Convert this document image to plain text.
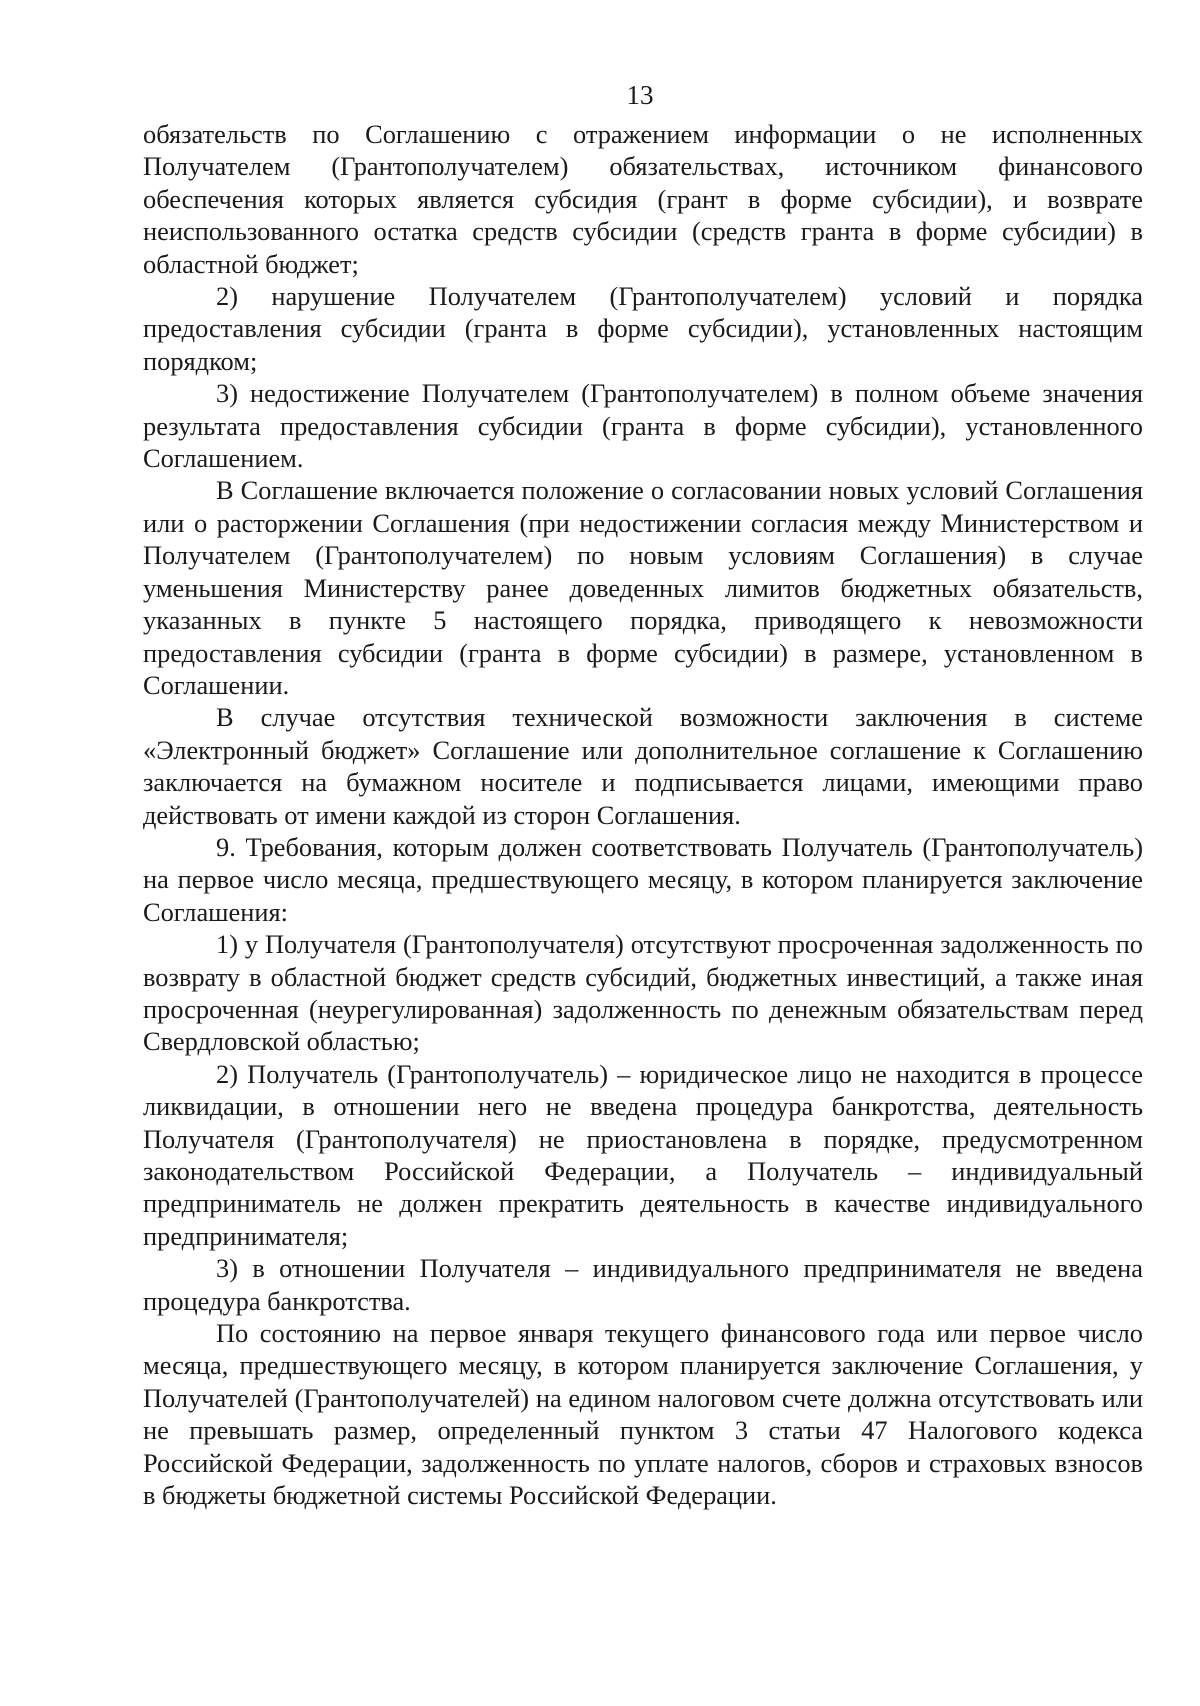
13

обязательств по Соглашению с отражением информации о не исполненных Получателем (Грантополучателем) обязательствах, источником финансового обеспечения которых является субсидия (грант в форме субсидии), и возврате неиспользованного остатка средств субсидии (средств гранта в форме субсидии) в областной бюджет;

2) нарушение Получателем (Грантополучателем) условий и порядка предоставления субсидии (гранта в форме субсидии), установленных настоящим порядком;

3) недостижение Получателем (Грантополучателем) в полном объеме значения результата предоставления субсидии (гранта в форме субсидии), установленного Соглашением.

В Соглашение включается положение о согласовании новых условий Соглашения или о расторжении Соглашения (при недостижении согласия между Министерством и Получателем (Грантополучателем) по новым условиям Соглашения) в случае уменьшения Министерству ранее доведенных лимитов бюджетных обязательств, указанных в пункте 5 настоящего порядка, приводящего к невозможности предоставления субсидии (гранта в форме субсидии) в размере, установленном в Соглашении.

В случае отсутствия технической возможности заключения в системе «Электронный бюджет» Соглашение или дополнительное соглашение к Соглашению заключается на бумажном носителе и подписывается лицами, имеющими право действовать от имени каждой из сторон Соглашения.

9. Требования, которым должен соответствовать Получатель (Грантополучатель) на первое число месяца, предшествующего месяцу, в котором планируется заключение Соглашения:

1) у Получателя (Грантополучателя) отсутствуют просроченная задолженность по возврату в областной бюджет средств субсидий, бюджетных инвестиций, а также иная просроченная (неурегулированная) задолженность по денежным обязательствам перед Свердловской областью;

2) Получатель (Грантополучатель) – юридическое лицо не находится в процессе ликвидации, в отношении него не введена процедура банкротства, деятельность Получателя (Грантополучателя) не приостановлена в порядке, предусмотренном законодательством Российской Федерации, а Получатель – индивидуальный предприниматель не должен прекратить деятельность в качестве индивидуального предпринимателя;

3) в отношении Получателя – индивидуального предпринимателя не введена процедура банкротства.

По состоянию на первое января текущего финансового года или первое число месяца, предшествующего месяцу, в котором планируется заключение Соглашения, у Получателей (Грантополучателей) на едином налоговом счете должна отсутствовать или не превышать размер, определенный пунктом 3 статьи 47 Налогового кодекса Российской Федерации, задолженность по уплате налогов, сборов и страховых взносов в бюджеты бюджетной системы Российской Федерации.
